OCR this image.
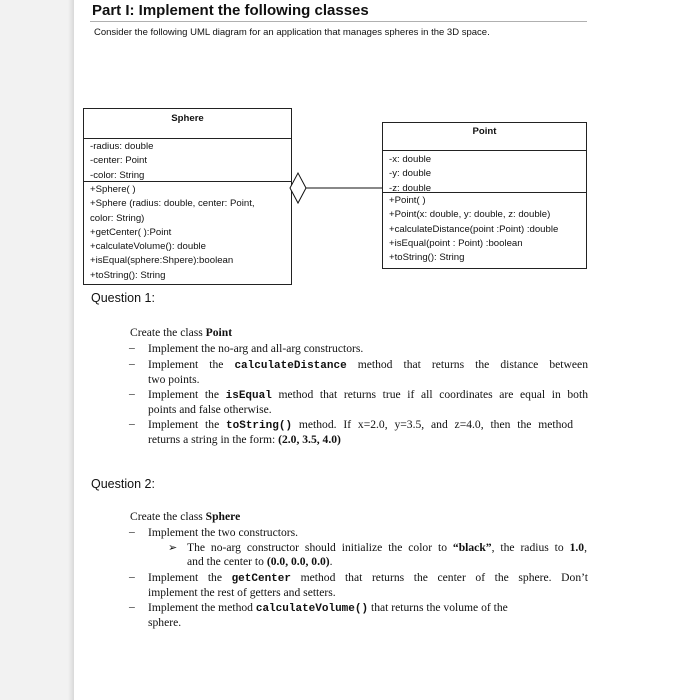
Part I: Implement the following classes
Consider the following UML diagram for an application that manages spheres in the 3D space.
Sphere
-radius: double
-center: Point
-color: String
+Sphere( )
+Sphere (radius: double, center: Point,
color: String)
+getCenter( ):Point
+calculateVolume(): double
+isEqual(sphere:Shpere):boolean
+toString(): String
Point
-x: double
-y: double
-z: double
+Point( )
+Point(x: double, y: double, z: double)
+calculateDistance(point :Point) :double
+isEqual(point : Point) :boolean
+toString(): String
Question 1:
Create the class Point
– Implement the no-arg and all-arg constructors.
– Implement the calculateDistance method that returns the distance between
two points.
– Implement the isEqual method that returns true if all coordinates are equal in both
points and false otherwise.
– Implement the toString() method. If x=2.0, y=3.5, and z=4.0, then the method
returns a string in the form: (2.0, 3.5, 4.0)
Question 2:
Create the class Sphere
– Implement the two constructors.
➢ The no-arg constructor should initialize the color to “black”, the radius to 1.0,
and the center to (0.0, 0.0, 0.0).
– Implement the getCenter method that returns the center of the sphere. Don’t
implement the rest of getters and setters.
– Implement the method calculateVolume() that returns the volume of the
sphere.
